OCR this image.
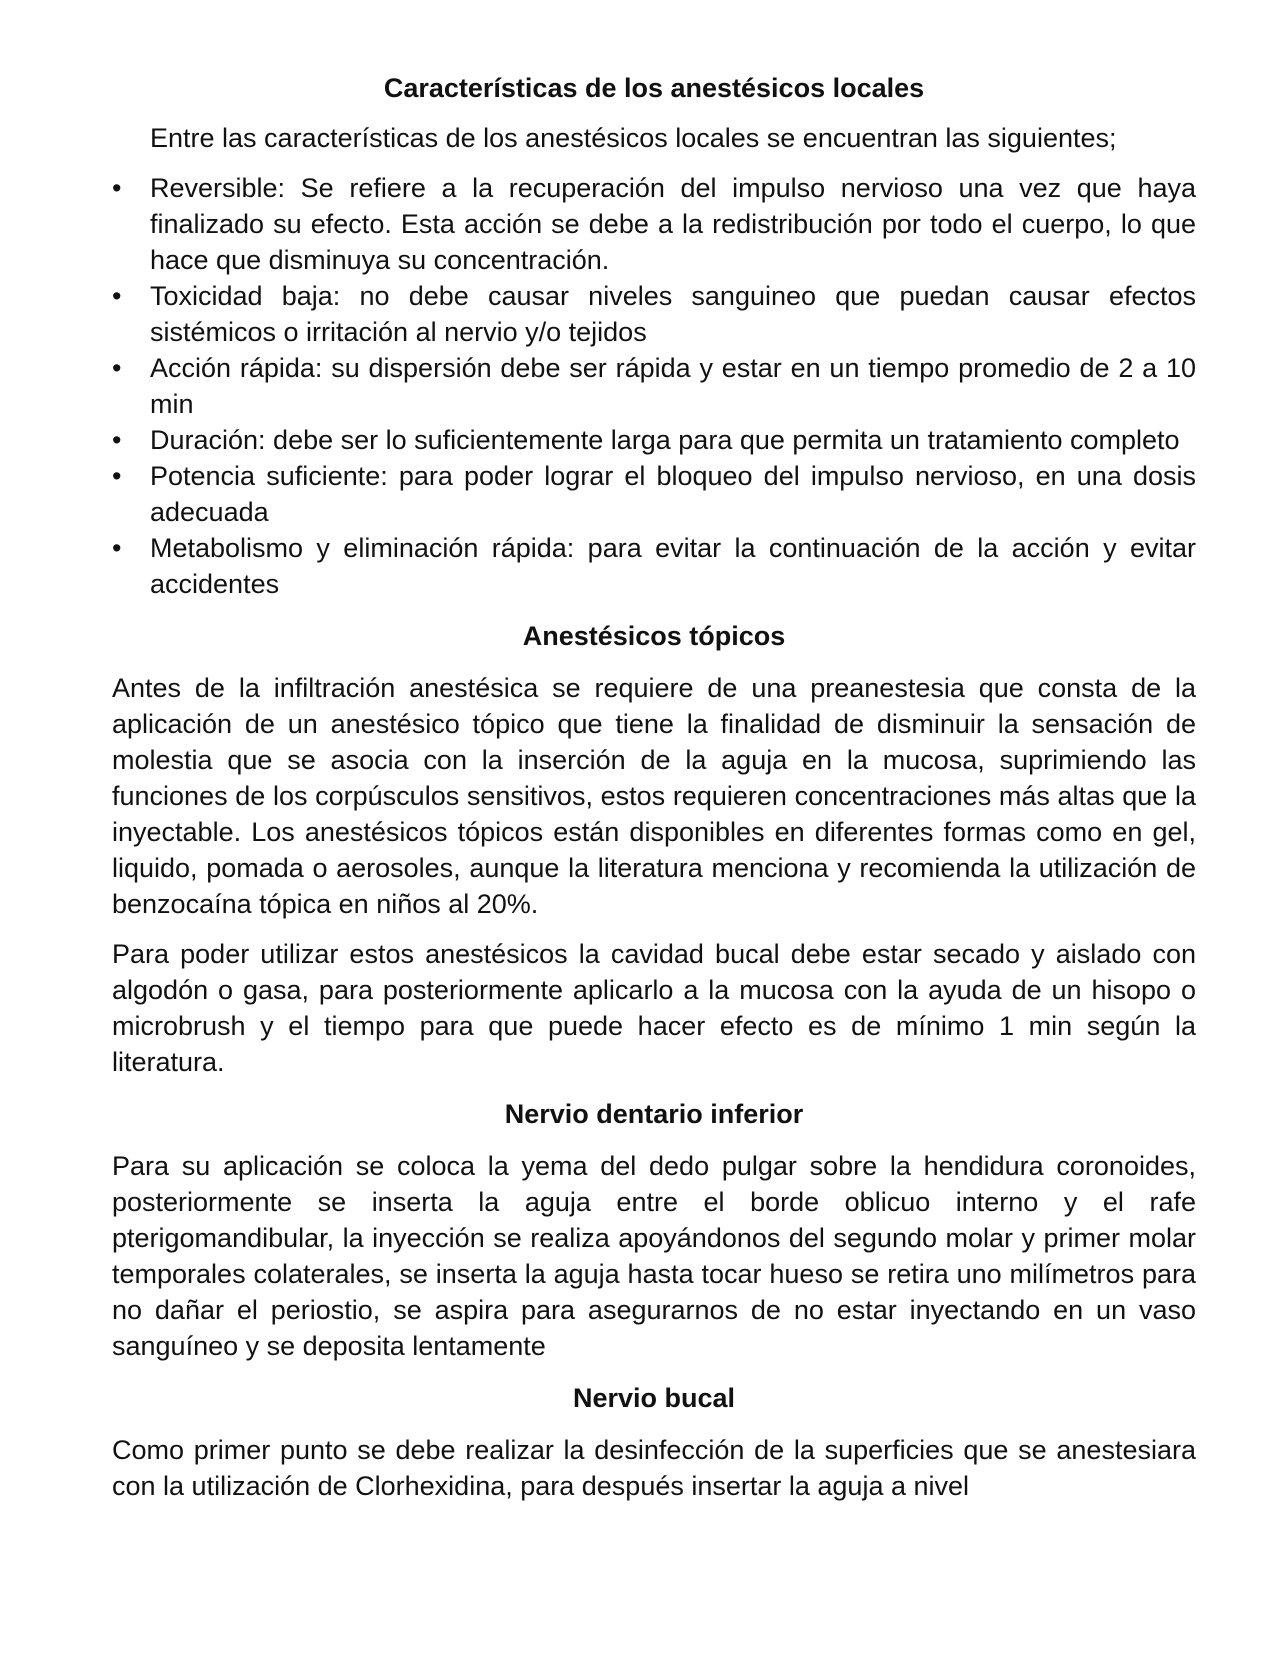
Características de los anestésicos locales

Entre las características de los anestésicos locales se encuentran las siguientes;

•	Reversible: Se refiere a la recuperación del impulso nervioso una vez que haya finalizado su efecto. Esta acción se debe a la redistribución por todo el cuerpo, lo que hace que disminuya su concentración.
•	Toxicidad baja: no debe causar niveles sanguineo que puedan causar efectos sistémicos o irritación al nervio y/o tejidos
•	Acción rápida: su dispersión debe ser rápida y estar en un tiempo promedio de 2 a 10 min
•	Duración: debe ser lo suficientemente larga para que permita un tratamiento completo
•	Potencia suficiente: para poder lograr el bloqueo del impulso nervioso, en una dosis adecuada
•	Metabolismo y eliminación rápida: para evitar la continuación de la acción y evitar accidentes
Anestésicos tópicos

Antes de la infiltración anestésica se requiere de una preanestesia que consta de la aplicación de un anestésico tópico que tiene la finalidad de disminuir la sensación de molestia que se asocia con la inserción de la aguja en la mucosa, suprimiendo las funciones de los corpúsculos sensitivos, estos requieren concentraciones más altas que la inyectable. Los anestésicos tópicos están disponibles en diferentes formas como en gel, liquido, pomada o aerosoles, aunque la literatura menciona y recomienda la utilización de benzocaína tópica en niños al 20%.

Para poder utilizar estos anestésicos la cavidad bucal debe estar secado y aislado con algodón o gasa, para posteriormente aplicarlo a la mucosa con la ayuda de un hisopo o microbrush y el tiempo para que puede hacer efecto es de mínimo 1 min según la literatura.

Nervio dentario inferior

Para su aplicación se coloca la yema del dedo pulgar sobre la hendidura coronoides, posteriormente se inserta la aguja entre el borde oblicuo interno y el rafe pterigomandibular, la inyección se realiza apoyándonos del segundo molar y primer molar temporales colaterales, se inserta la aguja hasta tocar hueso se retira uno milímetros para no dañar el periostio, se aspira para asegurarnos de no estar inyectando en un vaso sanguíneo y se deposita lentamente

Nervio bucal

Como primer punto se debe realizar la desinfección de la superficies que se anestesiara con la utilización de Clorhexidina, para después insertar la aguja a nivel
